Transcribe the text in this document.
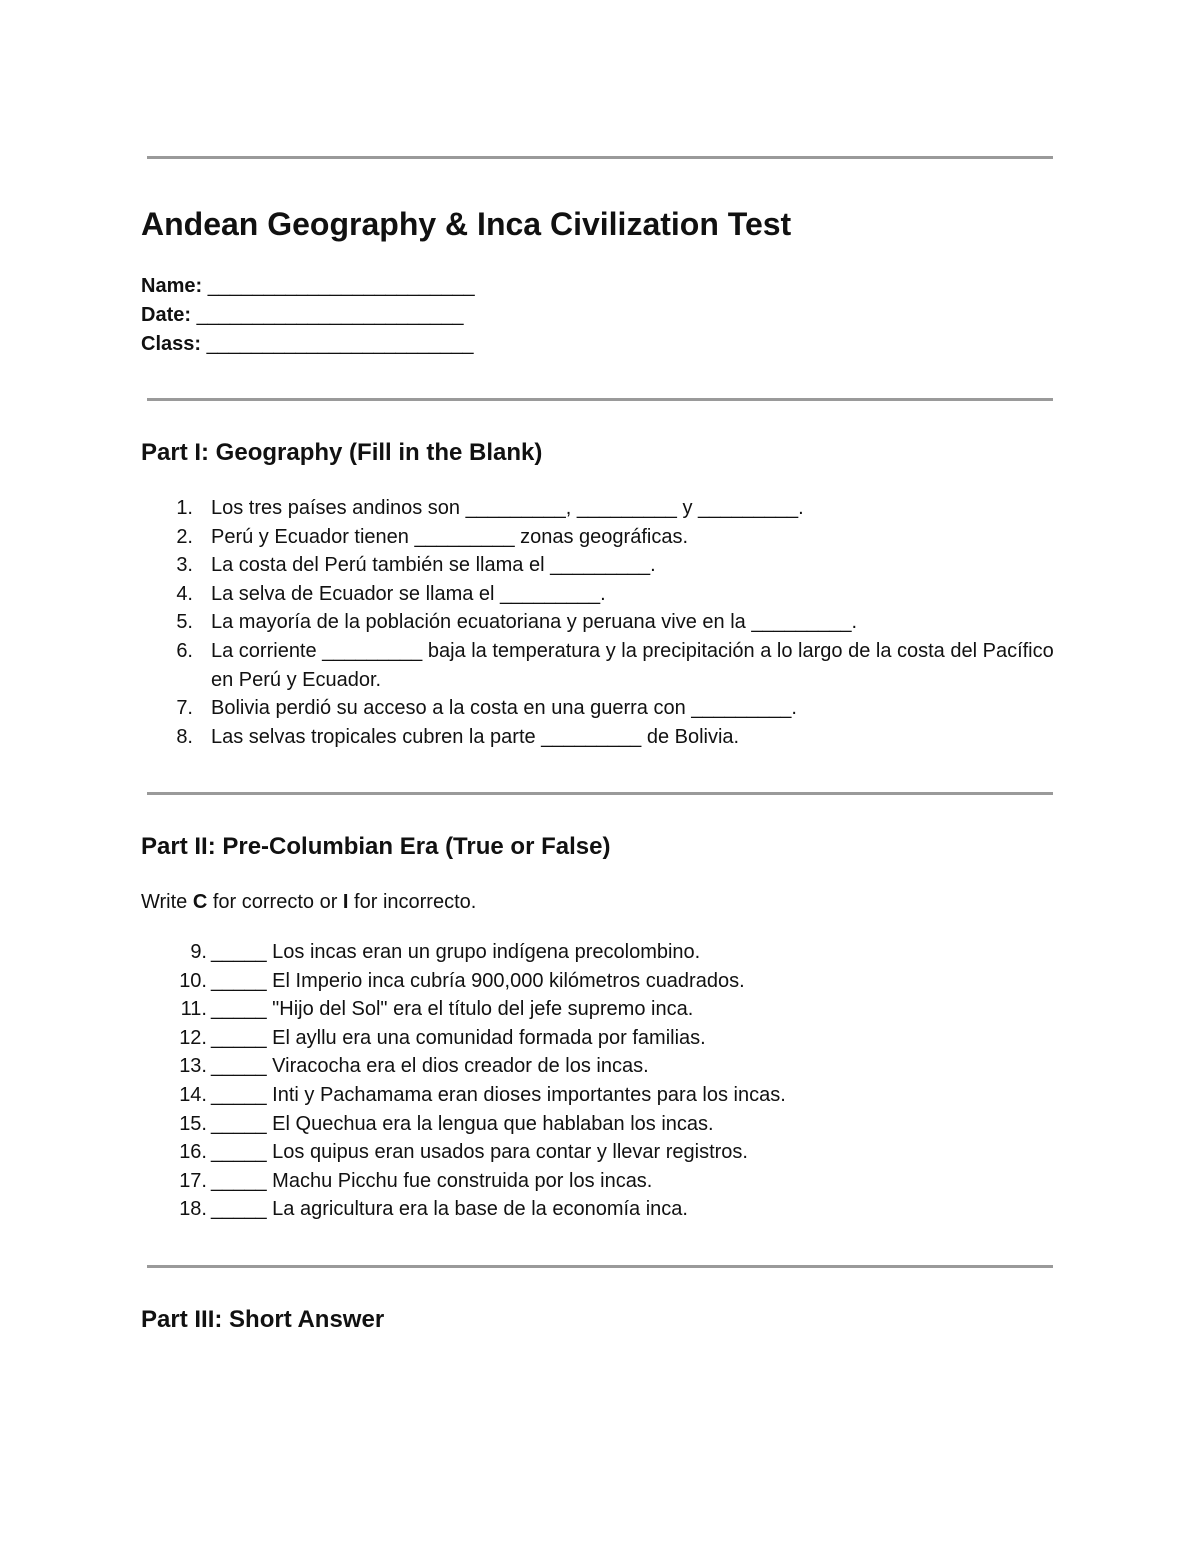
Andean Geography & Inca Civilization Test
Name: ________________________
Date: ________________________
Class: ________________________
Part I: Geography (Fill in the Blank)
1. Los tres países andinos son _________, _________ y _________.
2. Perú y Ecuador tienen _________ zonas geográficas.
3. La costa del Perú también se llama el _________.
4. La selva de Ecuador se llama el _________.
5. La mayoría de la población ecuatoriana y peruana vive en la _________.
6. La corriente _________ baja la temperatura y la precipitación a lo largo de la costa del Pacífico en Perú y Ecuador.
7. Bolivia perdió su acceso a la costa en una guerra con _________.
8. Las selvas tropicales cubren la parte _________ de Bolivia.
Part II: Pre-Columbian Era (True or False)
Write C for correcto or I for incorrecto.
9. _____ Los incas eran un grupo indígena precolombino.
10. _____ El Imperio inca cubría 900,000 kilómetros cuadrados.
11. _____ "Hijo del Sol" era el título del jefe supremo inca.
12. _____ El ayllu era una comunidad formada por familias.
13. _____ Viracocha era el dios creador de los incas.
14. _____ Inti y Pachamama eran dioses importantes para los incas.
15. _____ El Quechua era la lengua que hablaban los incas.
16. _____ Los quipus eran usados para contar y llevar registros.
17. _____ Machu Picchu fue construida por los incas.
18. _____ La agricultura era la base de la economía inca.
Part III: Short Answer
